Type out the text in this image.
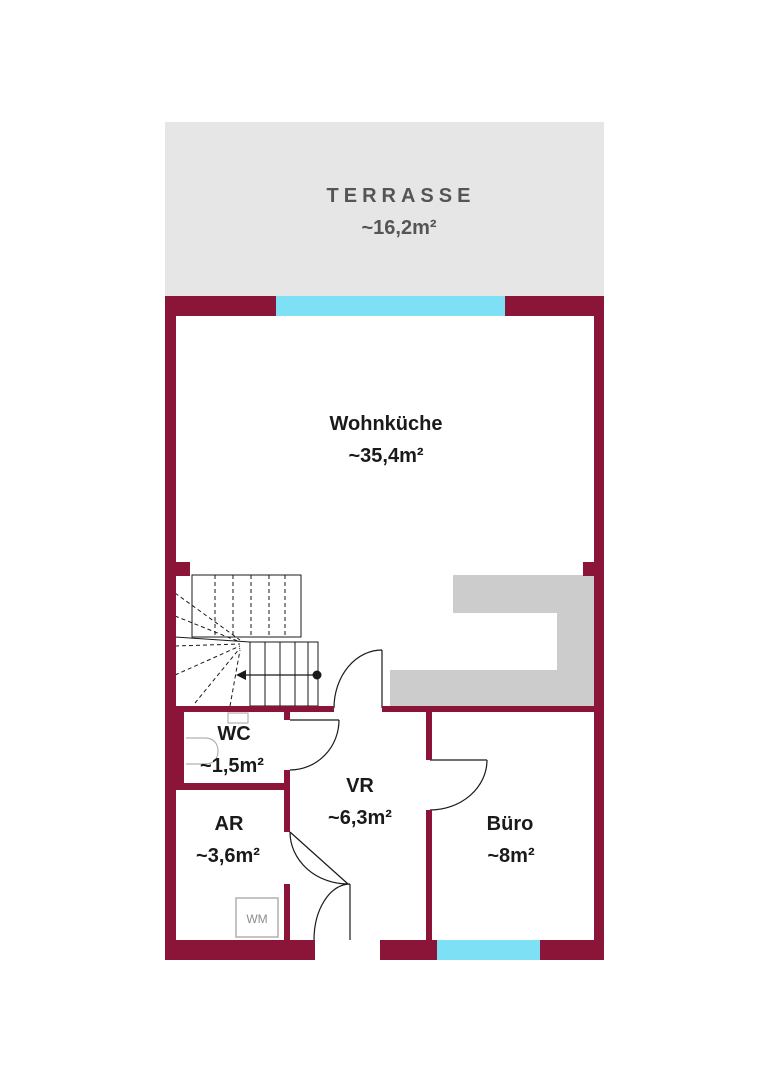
WM
TERRASSE
~16,2m²
Wohnküche
~35,4m²
WC
~1,5m²
VR
~6,3m²
AR
~3,6m²
Büro
~8m²
